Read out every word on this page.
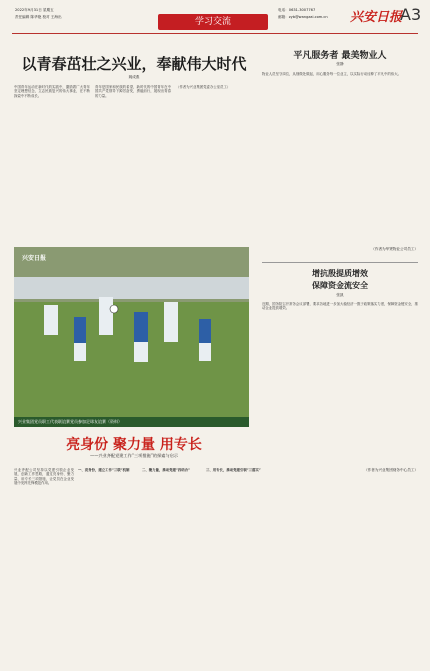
2022年9月31日 星期五
责任编辑 陈华艳 校对 王海出	学习交流
电话：0631-3007767
邮箱：zyb@wangzai.com.cn 兴安日报
A3
以青春茁壮之兴业，奉献伟大时代
姚成燕
中国青年运动在新时代的实践中，激励着广大青年坚定理想信念，立志民族复兴的伟大事业，在不断探索中不断成长。
青年是国家和民族的希望，新时代的中国青年在中国共产党领导下踔厉奋发，勇毅前行，展现出青春的力量。
（作者为兴业集团党委办公室员工）
平凡服务者 最美物业人
张静
物业人员坚守岗位，从细微处做起，用心服务每一位业主，以实际行动诠释了平凡中的伟大。
（作者为华贤物业公司员工）
增抗殷提质增效
保障资金流安全
张凯
近期，国务院召开常务会议部署，要求各地进一步加大稳经济一揽子政策落实力度，保障资金链安全，推动企业提质增效。
（作者为兴业集团财务中心员工）
兴安日报
兴业集团党员职工代表联谊赛党员参加足球友谊赛（资料）
亮身份 聚力量 用专长
——兴业齐配党建工作“三项措施”的探索与启示
兴业齐配公司坚持以党建引领企业发展，创新工作思路，通过亮身份、聚力量、用专长三项措施，让党员在企业发展中发挥先锋模范作用。
一、亮身份，建立工作“三联”机制	二、聚力量，推动党建“四结合”	三、用专长，推动党建引领“三落实”
